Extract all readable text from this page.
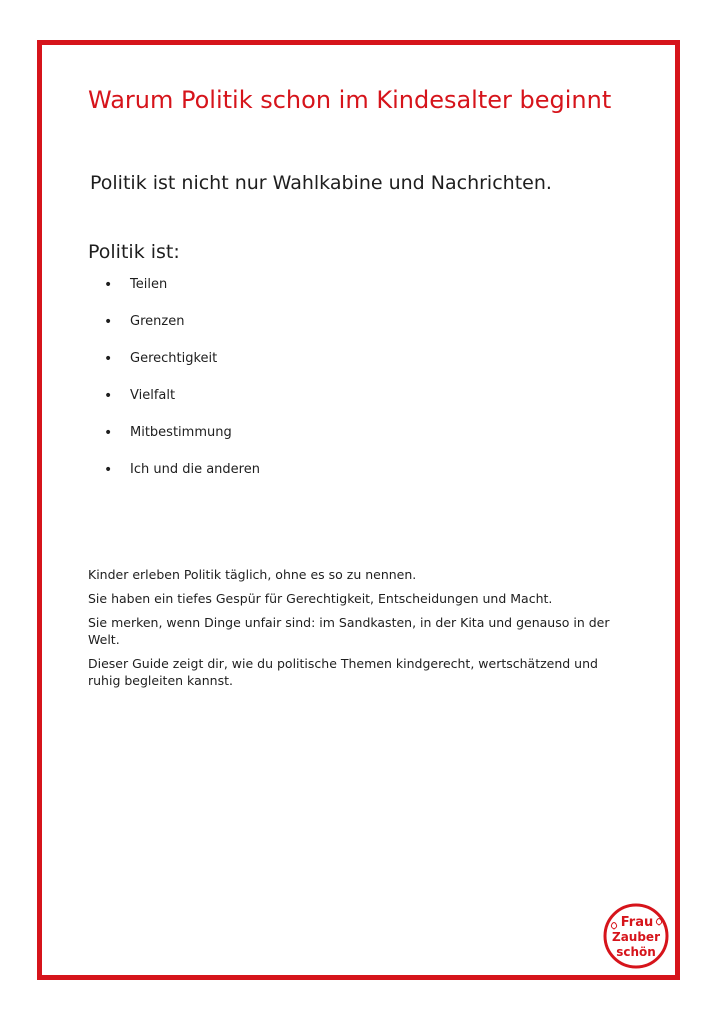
Warum Politik schon im Kindesalter beginnt

Politik ist nicht nur Wahlkabine und Nachrichten.

Politik ist:
• Teilen
• Grenzen
• Gerechtigkeit
• Vielfalt
• Mitbestimmung
• Ich und die anderen

Kinder erleben Politik täglich, ohne es so zu nennen.

Sie haben ein tiefes Gespür für Gerechtigkeit, Entscheidungen und Macht.

Sie merken, wenn Dinge unfair sind: im Sandkasten, in der Kita und genauso in der Welt.

Dieser Guide zeigt dir, wie du politische Themen kindgerecht, wertschätzend und ruhig begleiten kannst.

Frau
Zauber
schön
